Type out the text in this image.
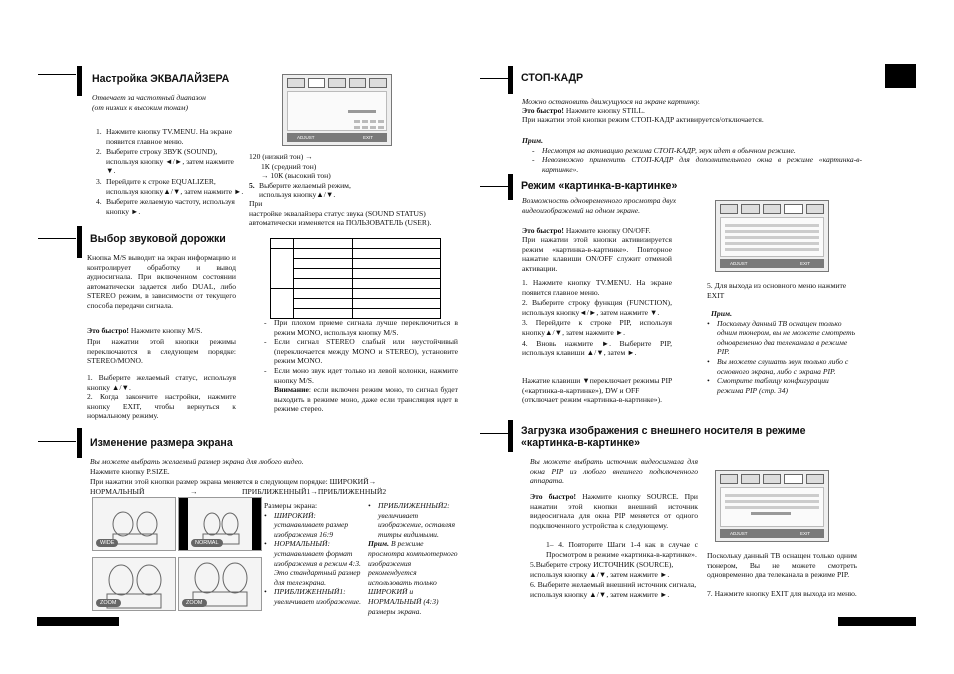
Настройка ЭКВАЛАЙЗЕРА
Отвечает за частотный диапазон (от низких к высоким тонам)
1. Нажмите кнопку TV.MENU. На экране появится главное меню.
2. Выберите строку ЗВУК (SOUND), используя кнопку ◄/►, затем нажмите ▼.
3. Перейдите к строке EQUALIZER, используя кнопку▲/▼, затем нажмите ►.
4. Выберите желаемую частоту, используя кнопку ►.
ADJUST	EXIT
120 (низкий тон) →
1К (средний тон)
→ 10К (высокий тон)
5. Выберите желаемый режим, используя кнопку▲/▼.
При
настройке эквалайзера статус звука (SOUND STATUS) автоматически изменяется на ПОЛЬЗОВАТЕЛЬ (USER).

Выбор звуковой дорожки
Кнопка M/S выводит на экран информацию и контролирует обработку и вывод аудиосигнала. При включенном состоянии автоматически задается либо DUAL, либо STEREO режим, в зависимости от текущего способа передачи сигнала.
Это быстро! Нажмите кнопку M/S.
При нажатии этой кнопки режимы переключаются в следующем порядке: STEREO/MONO.
1. Выберите желаемый статус, используя кнопку ▲/▼.
2. Когда закончите настройки, нажмите кнопку EXIT, чтобы вернуться к нормальному режиму.
- При плохом приеме сигнала лучше переключиться в режим MONO, используя кнопку M/S.
- Если сигнал STEREO слабый или неустойчивый (переключается между MONO и STEREO), установите режим MONO.
- Если моно звук идет только из левой колонки, нажмите кнопку M/S.
Внимание: если включен режим моно, то сигнал будет выходить в режиме моно, даже если трансляция идет в режиме стерео.
Изменение размера экрана
Вы можете выбрать желаемый размер экрана для любого видео.
Нажмите кнопку P.SIZE.
При нажатии этой кнопки размер экрана меняется в следующем порядке: ШИРОКИЙ→
НОРМАЛЬНЫЙ	→	ПРИБЛИЖЕННЫЙ1→ПРИБЛИЖЕННЫЙ2
WIDE	NORMAL
ZOOM	ZOOM
Размеры экрана:
• ШИРОКИЙ: устанавливает размер изображения 16:9
• НОРМАЛЬНЫЙ: устанавливает формат изображения в режим 4:3. Это стандартный размер для телеэкрана.
• ПРИБЛИЖЕННЫЙ1: увеличивает изображение.
• ПРИБЛИЖЕННЫЙ2: увеличивает изображение, оставляя титры видимыми.
Прим. В режиме просмотра компьютерного изображения рекомендуется использовать только ШИРОКИЙ и НОРМАЛЬНЫЙ (4:3) размеры экрана.
СТОП-КАДР
Можно остановить движущуюся на экране картинку.
Это быстро! Нажмите кнопку STILL.
При нажатии этой кнопки режим СТОП-КАДР активируется/отключается.
Прим.
- Несмотря на активацию режима СТОП-КАДР, звук идет в обычном режиме.
- Невозможно применить СТОП-КАДР для дополнительного окна в режиме «картинка-в-картинке».
Режим «картинка-в-картинке»
Возможность одновременного просмотра двух видеоизображений на одном экране.
Это быстро! Нажмите кнопку ON/OFF.
При нажатии этой кнопки активизируется режим «картинка-в-картинке». Повторное нажатие клавиши ON/OFF служит отменой активации.
1. Нажмите кнопку TV.MENU. На экране появится главное меню.
2. Выберите строку функция (FUNCTION), используя кнопку◄/►, затем нажмите ▼.
3. Перейдите к строке PIP, используя кнопку▲/▼, затем нажмите ►.
4. Вновь нажмите ►. Выберите PIP, используя клавиши ▲/▼, затем ►.
Нажатие клавиши ▼переключает режимы PIP («картинка-в-картинке»), DW и OFF (отключает режим «картинка-в-картинке»).
ADJUST	EXIT
5. Для выхода из основного меню нажмите EXIT
Прим.
• Поскольку данный ТВ оснащен только одним тюнером, вы не можете смотреть одновременно два телеканала в режиме PIP.
• Вы можете слушать звук только либо с основного экрана, либо с экрана PIP.
• Смотрите таблицу конфигурации режима PIP (стр. 34)
Загрузка изображения с внешнего носителя в режиме «картинка-в-картинке»
Вы можете выбрать источник видеосигнала для окна PIP из любого внешнего подключенного аппарата.
Это быстро! Нажмите кнопку SOURCE. При нажатии этой кнопки внешний источник видеосигнала для окна PIP меняется от одного подключенного устройства к следующему.
1– 4. Повторите Шаги 1-4 как в случае с Просмотром в режиме «картинка-в-картинке».
5.Выберите строку ИСТОЧНИК (SOURCE), используя кнопку ▲/▼, затем нажмите ►.
6. Выберите желаемый внешний источник сигнала, используя кнопку ▲/▼, затем нажмите ►.
ADJUST	EXIT
Поскольку данный ТВ оснащен только одним тюнером, Вы не можете смотреть одновременно два телеканала в режиме PIP.
7. Нажмите кнопку EXIT для выхода из меню.
